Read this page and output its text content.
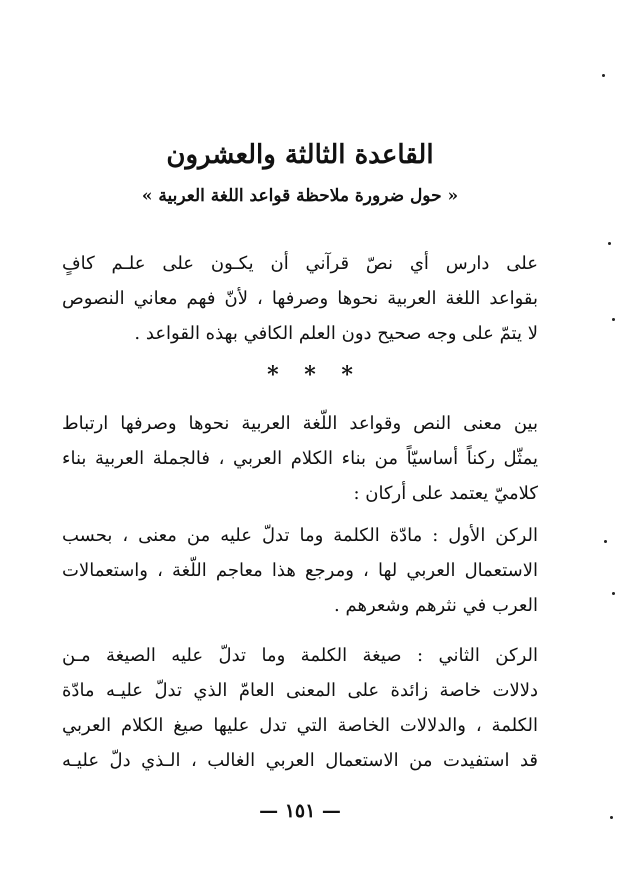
القاعدة الثالثة والعشرون
« حول ضرورة ملاحظة قواعد اللغة العربية »
على دارس أي نصّ قرآني أن يكـون على علـم كافٍ
بقواعد اللغة العربية نحوها وصرفها ، لأنّ فهم معاني النصوص
لا يتمّ على وجه صحيح دون العلم الكافي بهذه القواعد .
* * *
بين معنى النص وقواعد اللّغة العربية نحوها وصرفها ارتباط
يمثّل ركناً أساسيّاً من بناء الكلام العربي ، فالجملة العربية بناء
كلاميّ يعتمد على أركان :
الركن الأول : مادّة الكلمة وما تدلّ عليه من معنى ، بحسب
الاستعمال العربي لها ، ومرجع هذا معاجم اللّغة ، واستعمالات
العرب في نثرهم وشعرهم .
الركن الثاني : صيغة الكلمة وما تدلّ عليه الصيغة مـن
دلالات خاصة زائدة على المعنى العامّ الذي تدلّ عليـه مادّة
الكلمة ، والدلالات الخاصة التي تدل عليها صيغ الكلام العربي
قد استفيدت من الاستعمال العربي الغالب ، الـذي دلّ عليـه
— ١٥١ —
